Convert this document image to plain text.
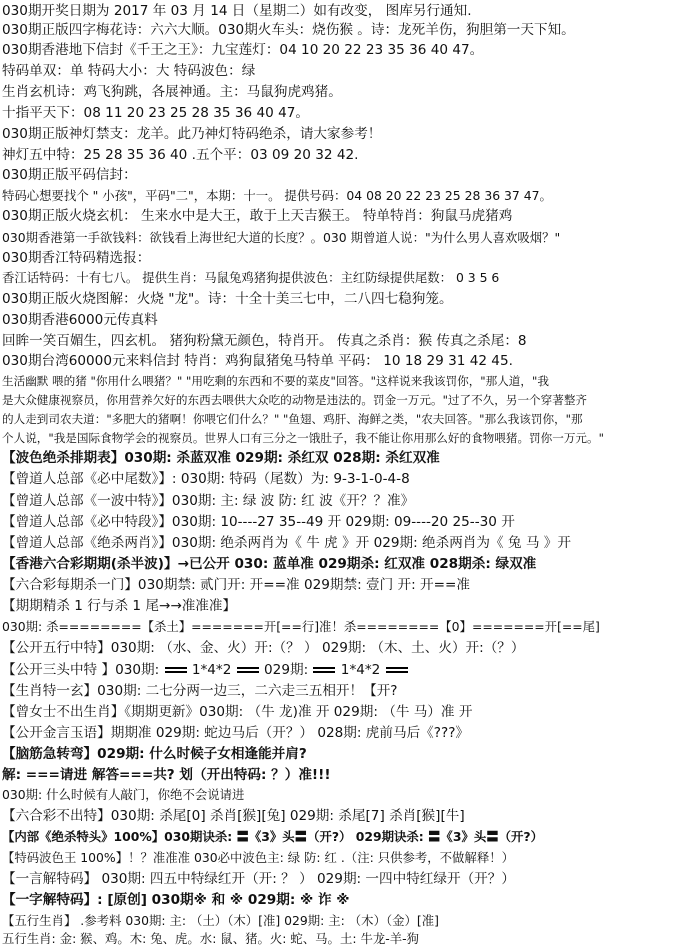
030期开奖日期为 2017 年 03 月 14 日（星期二）如有改变， 图库另行通知.
030期正版四字梅花诗：六六大顺。030期火车头：烧伤猴 。诗：龙死羊伤，狗胆第一天下知。
030期香港地下信封《千王之王》：九宝莲灯：04 10 20 22 23 35 36 40 47。
特码单双：单 特码大小：大 特码波色：绿
生肖玄机诗：鸡飞狗跳，各展神通。主：马鼠狗虎鸡猪。
十指平天下：08 11 20 23 25 28 35 36 40 47。
030期正版神灯禁支：龙羊。此乃神灯特码绝杀，请大家参考！
神灯五中特：25 28 35 36 40 .五个平：03 09 20 32 42.
030期正版平码信封：
特码心想要找个 " 小孩"，平码"二"，本期：十一。 提供号码：04 08 20 22 23 25 28 36 37 47。
030期正版火烧玄机： 生来水中是大王，敢于上天吉猴王。 特单特肖：狗鼠马虎猪鸡
030期香港第一手欲钱料：欲钱看上海世纪大道的长度？。030 期曾道人说："为什么男人喜欢吸烟？"
030期香江特码精选报：
香江话特码：十有七八。 提供生肖：马鼠兔鸡猪狗提供波色：主红防绿提供尾数： 0 3 5 6
030期正版火烧图解：火烧 "龙"。诗：十全十美三七中，二八四七稳狗笼。
030期香港6000元传真料
回眸一笑百媚生，四玄机。 猪狗粉黛无颜色，特肖开。 传真之杀肖：猴 传真之杀尾：8
030期台湾60000元来料信封 特肖：鸡狗鼠猪兔马特单 平码： 10 18 29 31 42 45.
生活幽默 喂的猪 "你用什么喂猪？" "用吃剩的东西和不要的菜皮"回答。"这样说来我该罚你，"那人道，"我
是大众健康视察员，你用营养欠好的东西去喂供大众吃的动物是违法的。罚金一万元。"过了不久，另一个穿著整齐
的人走到司农夫道："多肥大的猪啊！你喂它们什么？" "鱼翅、鸡肝、海鲜之类，"农夫回答。"那么我该罚你，"那
个人说，"我是国际食物学会的视察员。世界人口有三分之一饿肚子，我不能让你用那么好的食物喂猪。罚你一万元。"
【波色绝杀排期表】030期: 杀蓝双准 029期: 杀红双 028期: 杀红双准
【曾道人总部《必中尾数》】: 030期: 特码（尾数）为: 9-3-1-0-4-8
【曾道人总部《一波中特》】030期: 主: 绿 波 防: 红 波《开？？准》
【曾道人总部《必中特段》】030期: 10----27 35--49 开 029期: 09----20 25--30 开
【曾道人总部《绝杀两肖》】030期: 绝杀两肖为《 牛 虎 》开 029期: 绝杀两肖为《 兔 马 》开
【香港六合彩期期(杀半波)】→已公开 030: 蓝单准 029期杀: 红双准 028期杀: 绿双准
【六合彩每期杀一门】030期禁: 贰门开: 开==准 029期禁: 壹门 开: 开==准
【期期精杀 1 行与杀 1 尾→→准准准】
030期: 杀========【杀土】=======开[==行]准！杀========【0】=======开[==尾]
【公开五行中特】030期: （水、金、火）开:（？ ） 029期: （木、土、火）开:（？）
【公开三头中特 】030期:  1*4*2  029期:  1*4*2
【生肖特一玄】030期: 二七分两一边三，二六走三五相开！【开?
【曾女士不出生肖】《期期更新》030期: （牛 龙)准 开 029期: （牛 马）准 开
【公开金言玉语】期期准 029期: 蛇边马后（开？） 028期: 虎前马后《???》
【脑筋急转弯】029期: 什么时候子女相逢能并肩?
解: ===请进 解答===共? 划（开出特码: ？）准!!!
030期: 什么时候有人敲门，你绝不会说请进
【六合彩不出特】030期: 杀尾[0] 杀肖[猴][兔] 029期: 杀尾[7] 杀肖[猴][牛]
【内部《绝杀特头》100%】030期诀杀: 〓《3》头〓（开?） 029期诀杀: 〓《3》头〓（开?）
【特码波色王 100%】！？准准准 030必中波色主: 绿 防: 红 .（注: 只供参考，不做解释！）
【一言解特码】 030期: 四五中特绿红开（开: ？ ） 029期: 一四中特红绿开（开？）
【一字解特码】: [原创] 030期※ 和 ※ 029期: ※ 诈 ※
【五行生肖】 .参考料 030期: 主: （土）（木）[准] 029期: 主: （木）（金）[准]
五行生肖: 金: 猴、鸡。木: 兔、虎。水: 鼠、猪。火: 蛇、马。土: 牛龙-羊-狗
